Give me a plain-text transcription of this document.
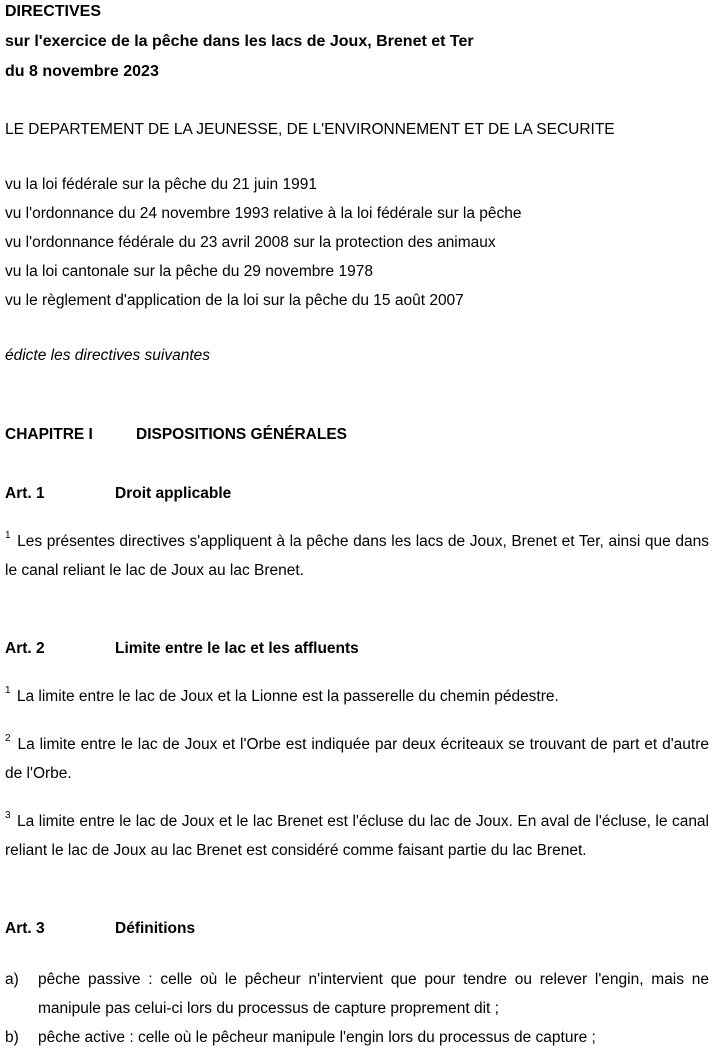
DIRECTIVES
sur l'exercice de la pêche dans les lacs de Joux, Brenet et Ter
du 8 novembre 2023
LE DEPARTEMENT DE LA JEUNESSE, DE L'ENVIRONNEMENT ET DE LA SECURITE
vu la loi fédérale sur la pêche du 21 juin 1991
vu l'ordonnance du 24 novembre 1993 relative à la loi fédérale sur la pêche
vu l'ordonnance fédérale du 23 avril 2008 sur la protection des animaux
vu la loi cantonale sur la pêche du 29 novembre 1978
vu le règlement d'application de la loi sur la pêche du 15 août 2007
édicte les directives suivantes
CHAPITRE I	DISPOSITIONS GÉNÉRALES
Art. 1	Droit applicable
$^1$ Les présentes directives s'appliquent à la pêche dans les lacs de Joux, Brenet et Ter, ainsi que dans le canal reliant le lac de Joux au lac Brenet.
Art. 2	Limite entre le lac et les affluents
$^1$ La limite entre le lac de Joux et la Lionne est la passerelle du chemin pédestre.
$^2$ La limite entre le lac de Joux et l'Orbe est indiquée par deux écriteaux se trouvant de part et d'autre de l'Orbe.
$^3$ La limite entre le lac de Joux et le lac Brenet est l'écluse du lac de Joux. En aval de l'écluse, le canal reliant le lac de Joux au lac Brenet est considéré comme faisant partie du lac Brenet.
Art. 3	Définitions
a)	pêche passive : celle où le pêcheur n'intervient que pour tendre ou relever l'engin, mais ne manipule pas celui-ci lors du processus de capture proprement dit ;
b)	pêche active : celle où le pêcheur manipule l'engin lors du processus de capture ;
